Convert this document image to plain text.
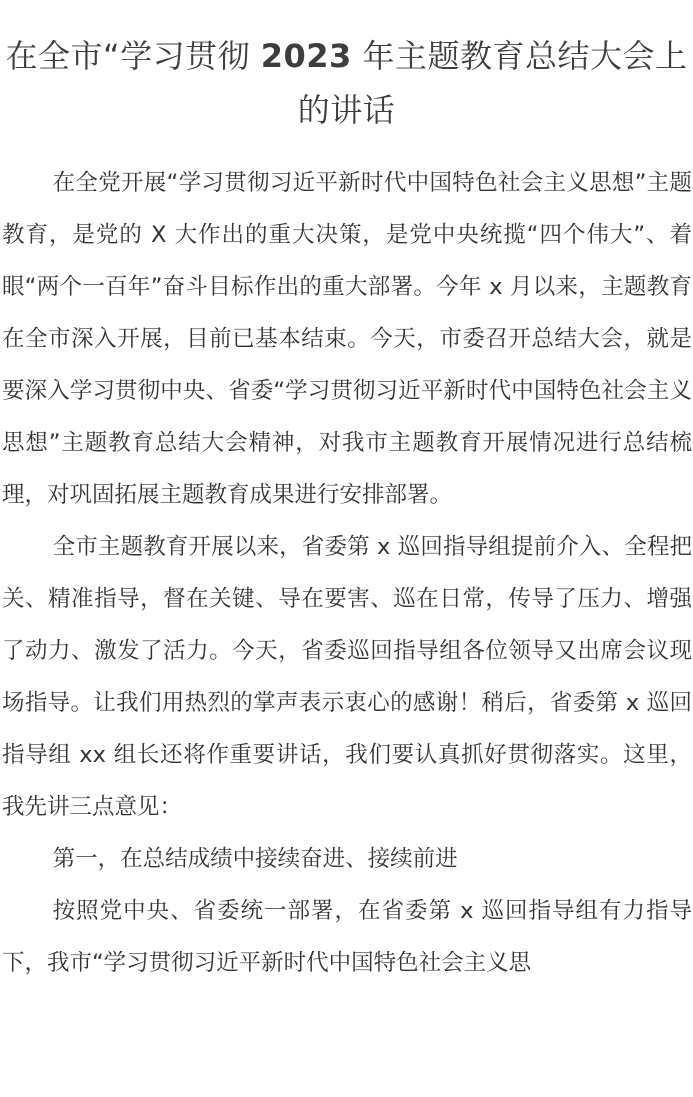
在全市“学习贯彻 2023 年主题教育总结大会上的讲话

在全党开展“学习贯彻习近平新时代中国特色社会主义思想”主题教育，是党的 X 大作出的重大决策，是党中央统揽“四个伟大”、着眼“两个一百年”奋斗目标作出的重大部署。今年 x 月以来，主题教育在全市深入开展，目前已基本结束。今天，市委召开总结大会，就是要深入学习贯彻中央、省委“学习贯彻习近平新时代中国特色社会主义思想”主题教育总结大会精神，对我市主题教育开展情况进行总结梳理，对巩固拓展主题教育成果进行安排部署。

全市主题教育开展以来，省委第 x 巡回指导组提前介入、全程把关、精准指导，督在关键、导在要害、巡在日常，传导了压力、增强了动力、激发了活力。今天，省委巡回指导组各位领导又出席会议现场指导。让我们用热烈的掌声表示衷心的感谢！稍后，省委第 x 巡回指导组 xx 组长还将作重要讲话，我们要认真抓好贯彻落实。这里，我先讲三点意见：

第一，在总结成绩中接续奋进、接续前进

按照党中央、省委统一部署，在省委第 x 巡回指导组有力指导下，我市“学习贯彻习近平新时代中国特色社会主义思
